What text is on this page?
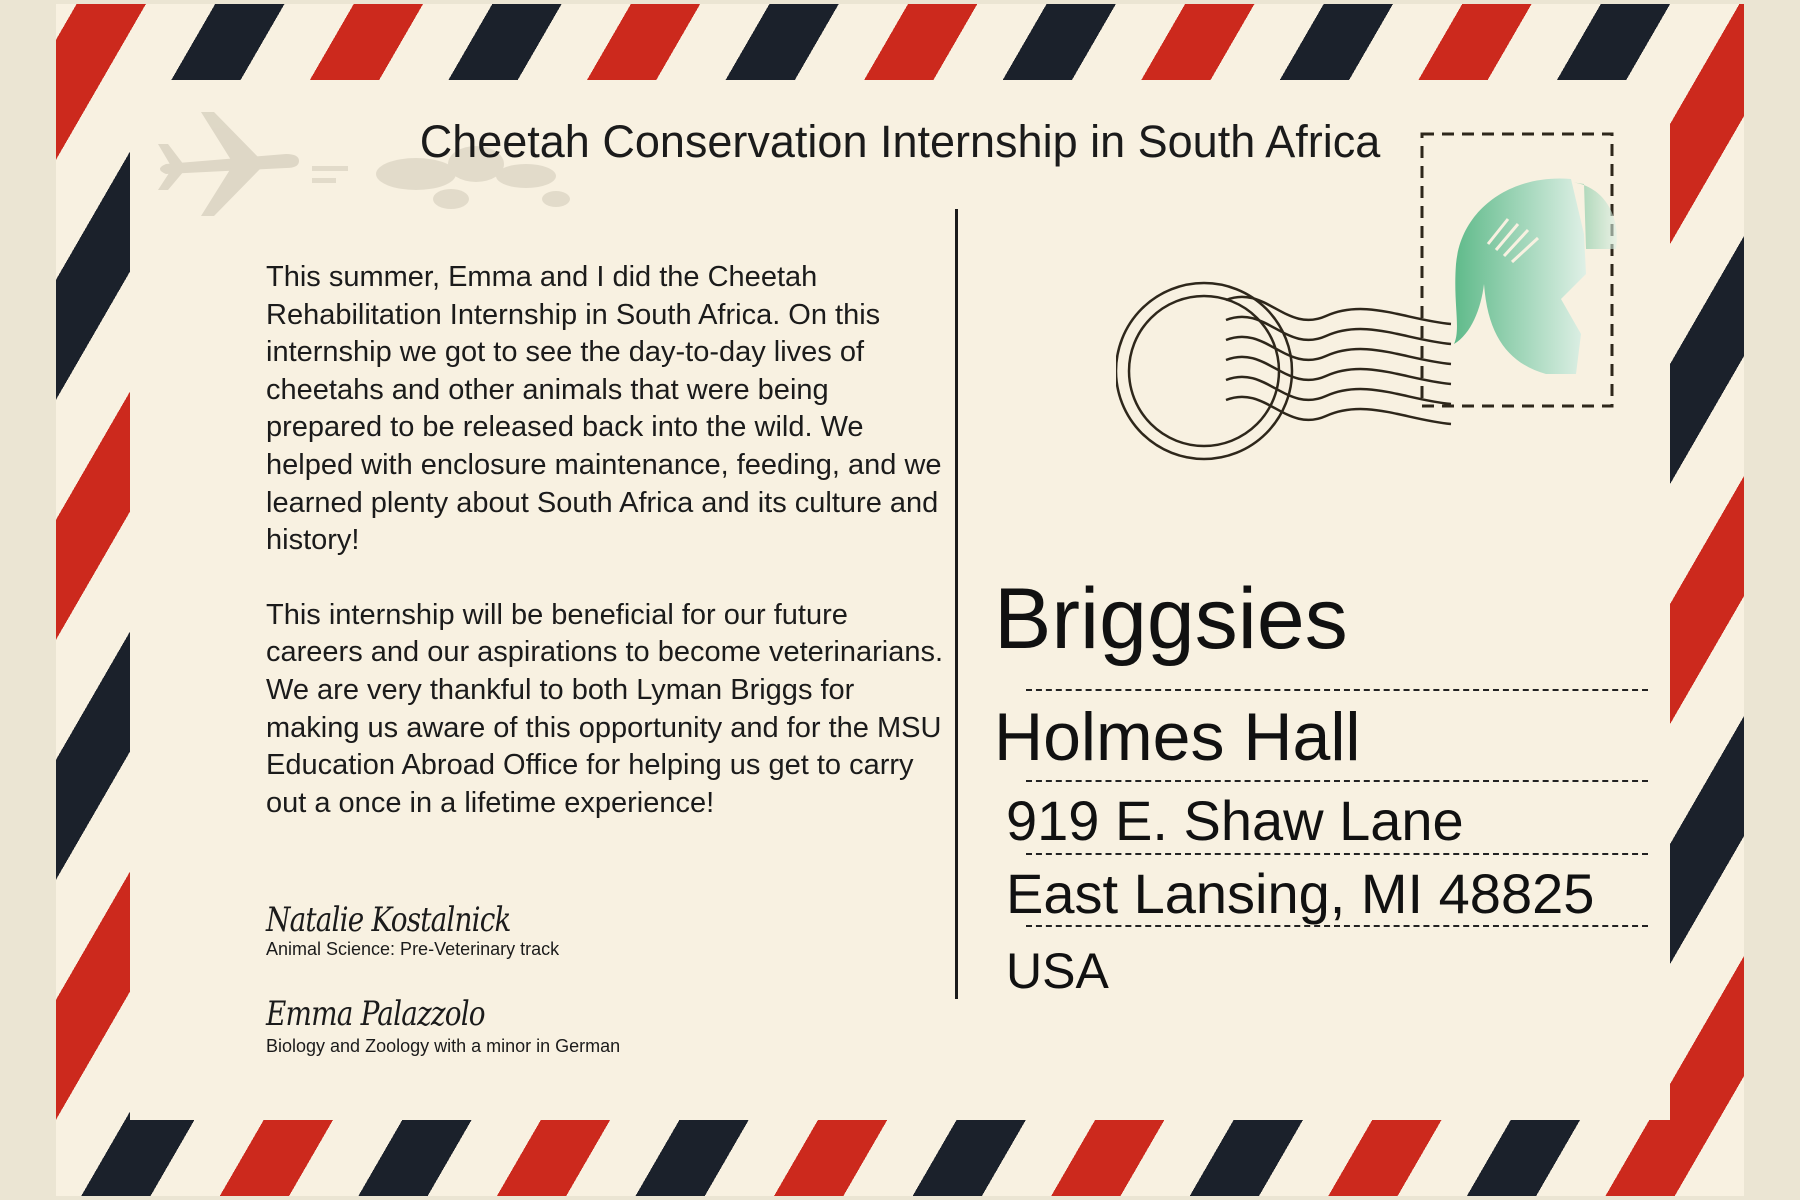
Cheetah Conservation Internship in South Africa

This summer, Emma and I did the Cheetah Rehabilitation Internship in South Africa. On this internship we got to see the day-to-day lives of cheetahs and other animals that were being prepared to be released back into the wild. We helped with enclosure maintenance, feeding, and we learned plenty about South Africa and its culture and history!

This internship will be beneficial for our future careers and our aspirations to become veterinarians. We are very thankful to both Lyman Briggs for making us aware of this opportunity and for the MSU Education Abroad Office for helping us get to carry out a once in a lifetime experience!

Natalie Kostalnick
Animal Science: Pre-Veterinary track
Emma Palazzolo
Biology and Zoology with a minor in German
Briggsies
Holmes Hall
919 E. Shaw Lane
East Lansing, MI 48825
USA
